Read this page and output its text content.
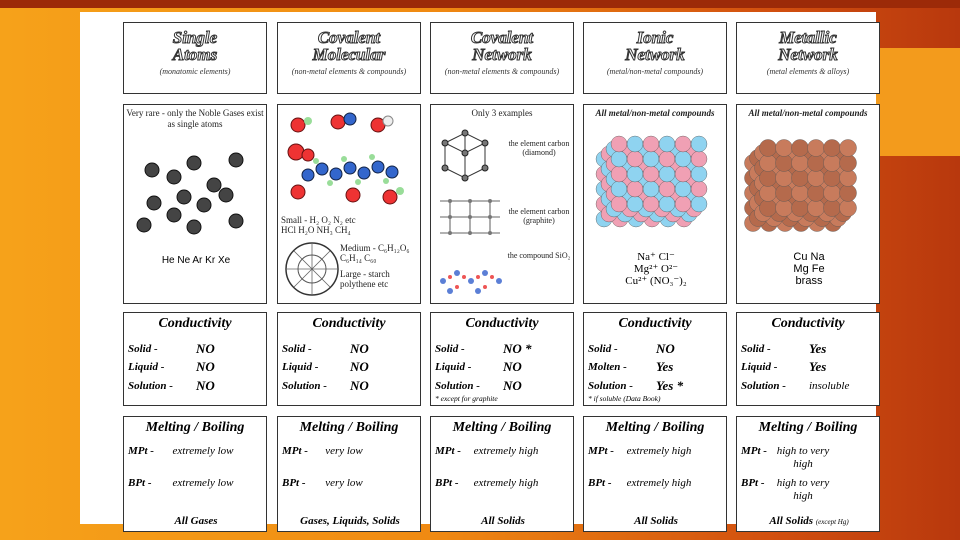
Single
Atoms
(monatomic elements)
Very rare - only the Noble Gases exist as single atoms
He Ne Ar Kr Xe
Conductivity
Solid -	NO
Liquid - NO
Solution - NO
Melting / Boiling
MPt -	extremely low
BPt -	extremely low
All Gases
Covalent
Molecular
(non-metal elements & compounds)
Small - H₂ O₂ N₂ etc
HCl H₂O NH₃ CH₄
Medium - C₆H₁₂O₆
C₆H₁₄ C₆₀
Large - starch
polythene etc
Conductivity
Solid -	NO
Liquid - NO
Solution - NO
Melting / Boiling
MPt -	very low
BPt -	very low
Gases, Liquids, Solids
Covalent
Network
(non-metal elements & compounds)
Only 3 examples
the element carbon (diamond)
the element carbon (graphite)
the compound SiO₂
Conductivity
Solid -	NO *
Liquid - NO
Solution - NO
* except for graphite
Melting / Boiling
MPt - extremely high
BPt - extremely high
All Solids
Ionic
Network
(metal/non-metal compounds)
All metal/non-metal compounds
Na⁺ Cl⁻
Mg²⁺ O²⁻
Cu²⁺ (NO₃⁻)₂
Conductivity
Solid -	NO
Molten - Yes
Solution - Yes *
* if soluble (Data Book)
Melting / Boiling
MPt - extremely high
BPt - extremely high
All Solids
Metallic
Network
(metal elements & alloys)
All metal/non-metal compounds
Cu Na
Mg Fe
brass
Conductivity
Solid -	Yes
Liquid - Yes
Solution - insoluble
Melting / Boiling
MPt - high to very high
BPt -	high to very high
All Solids (except Hg)
